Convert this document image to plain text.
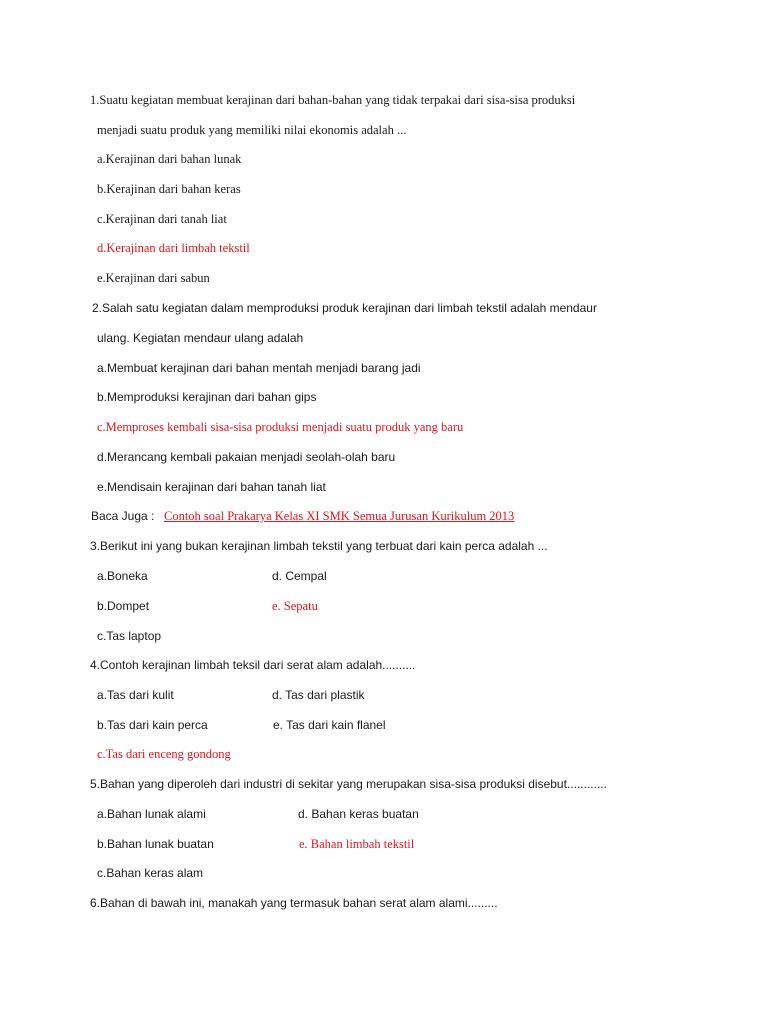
1.Suatu kegiatan membuat kerajinan dari bahan-bahan yang tidak terpakai dari sisa-sisa produksi
menjadi suatu produk yang memiliki nilai ekonomis adalah ...
a.Kerajinan dari bahan lunak
b.Kerajinan dari bahan keras
c.Kerajinan dari tanah liat
d.Kerajinan dari limbah tekstil
e.Kerajinan dari sabun
2.Salah satu kegiatan dalam memproduksi produk kerajinan dari limbah tekstil adalah mendaur
ulang. Kegiatan mendaur ulang adalah
a.Membuat kerajinan dari bahan mentah menjadi barang jadi
b.Memproduksi kerajinan dari bahan gips
c.Memproses kembali sisa-sisa produksi menjadi suatu produk yang baru
d.Merancang kembali pakaian menjadi seolah-olah baru
e.Mendisain kerajinan dari bahan tanah liat
Baca Juga : Contoh soal Prakarya Kelas XI SMK Semua Jurusan Kurikulum 2013
3.Berikut ini yang bukan kerajinan limbah tekstil yang terbuat dari kain perca adalah ...
a.Boneka	d. Cempal
b.Dompet	e. Sepatu
c.Tas laptop
4.Contoh kerajinan limbah teksil dari serat alam adalah..........
a.Tas dari kulit	d. Tas dari plastik
b.Tas dari kain perca	e. Tas dari kain flanel
c.Tas dari enceng gondong
5.Bahan yang diperoleh dari industri di sekitar yang merupakan sisa-sisa produksi disebut............
a.Bahan lunak alami	d. Bahan keras buatan
b.Bahan lunak buatan	e. Bahan limbah tekstil
c.Bahan keras alam
6.Bahan di bawah ini, manakah yang termasuk bahan serat alam alami.........
